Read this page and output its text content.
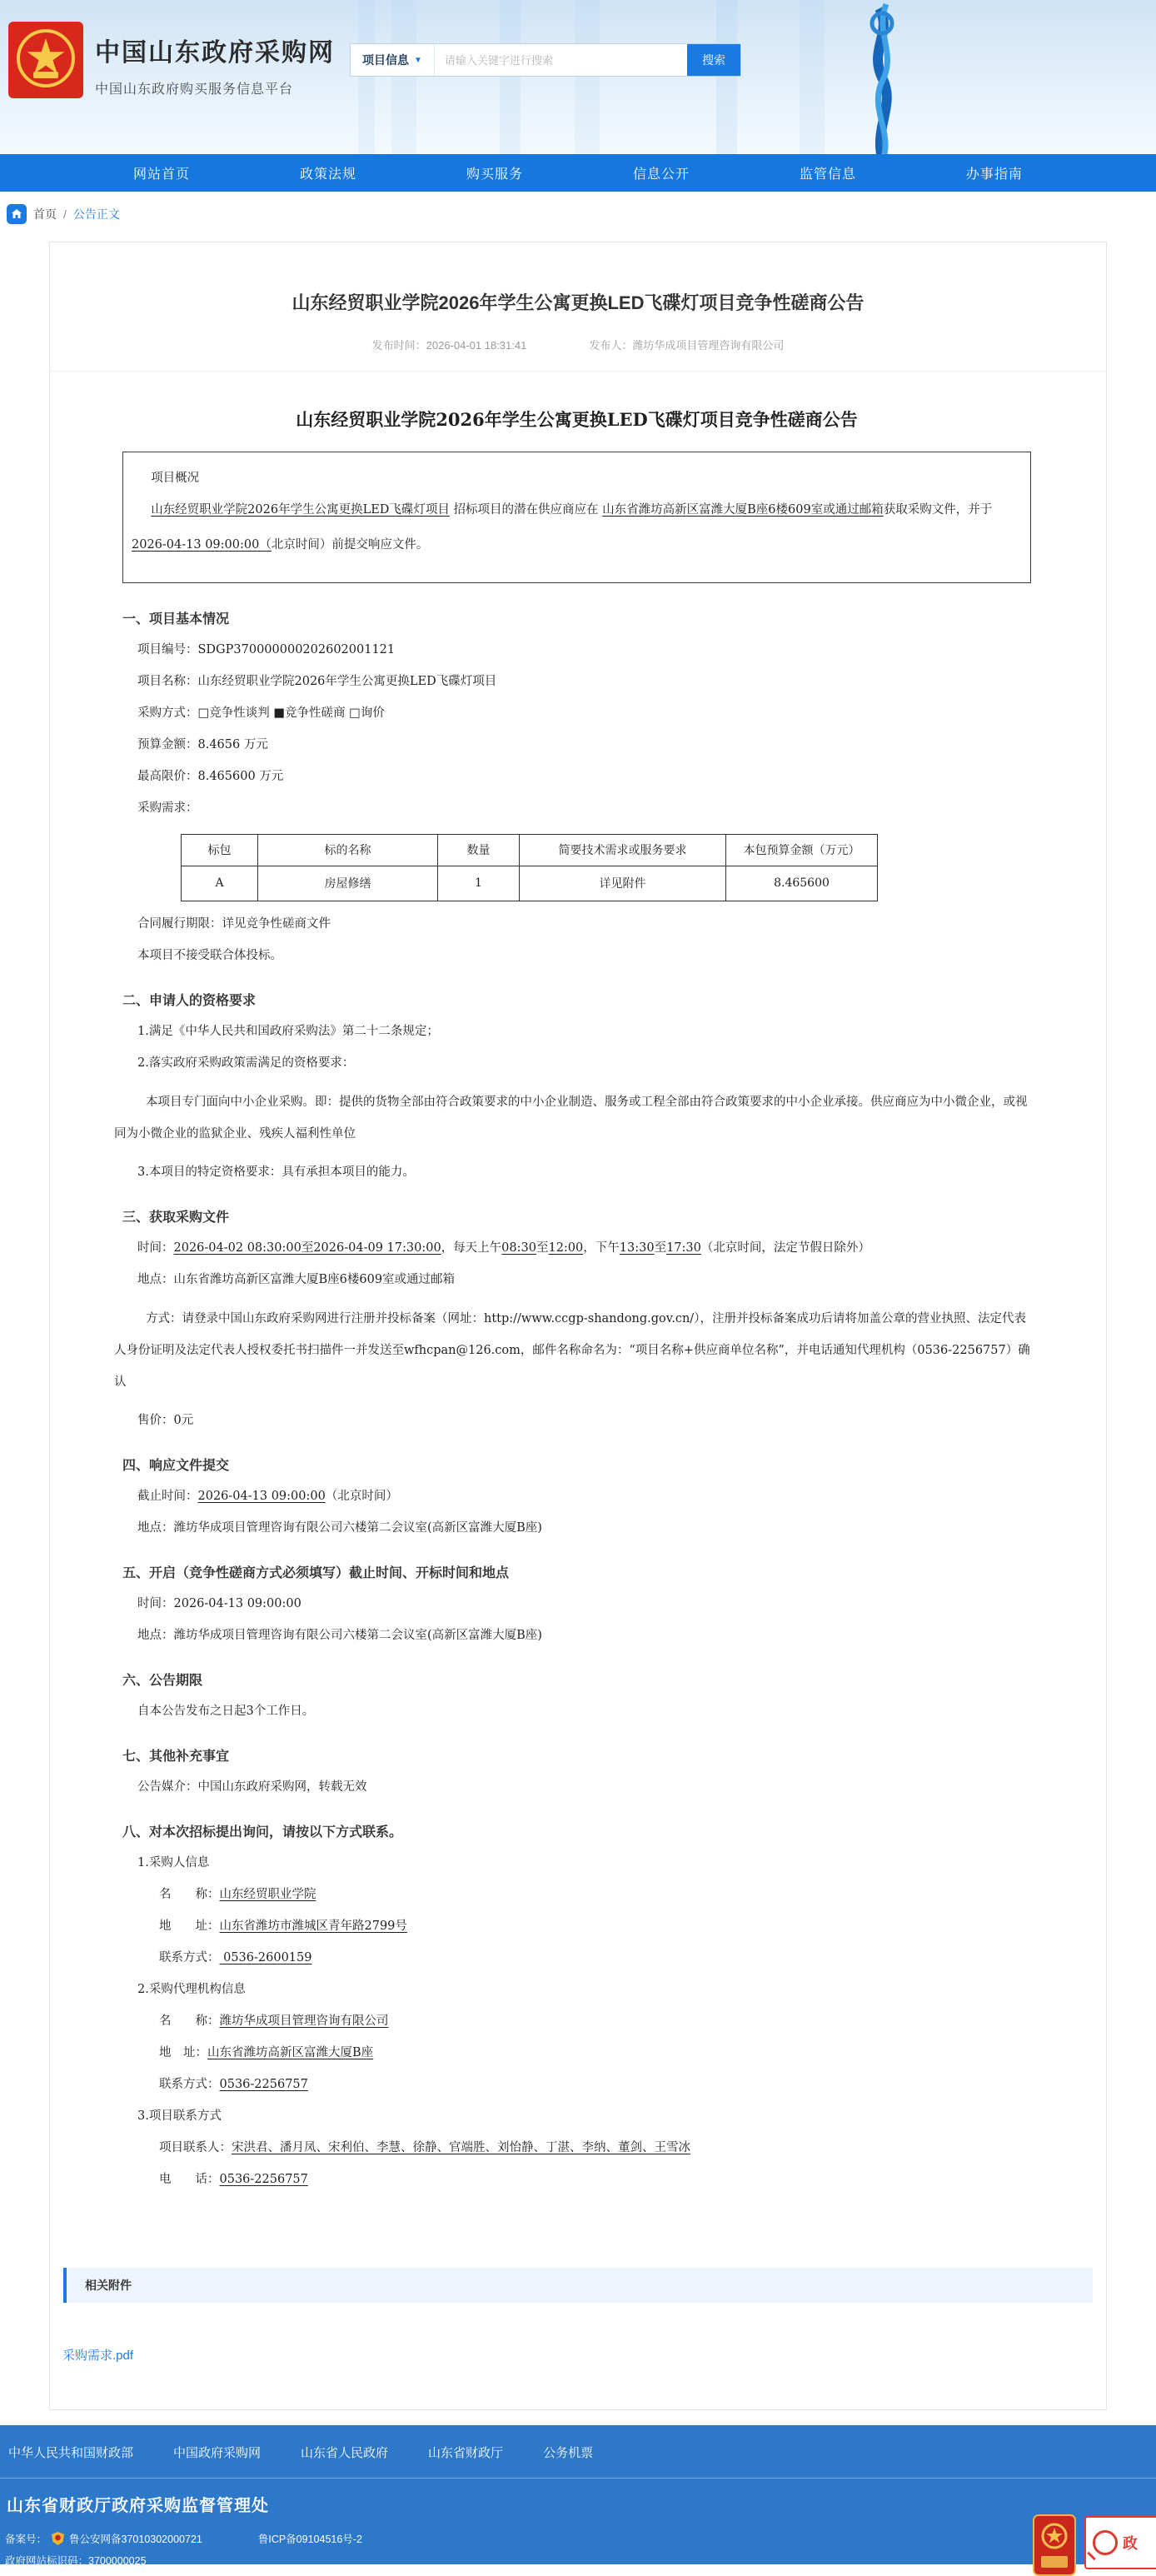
中国山东政府采购网
中国山东政府购买服务信息平台
项目信息 ▼
请输入关键字进行搜索	搜索
网站首页	政策法规	购买服务	信息公开	监管信息	办事指南
首页 / 公告正文
山东经贸职业学院2026年学生公寓更换LED飞碟灯项目竞争性磋商公告
发布时间：2026-04-01 18:31:41	发布人：潍坊华成项目管理咨询有限公司
山东经贸职业学院2026年学生公寓更换LED飞碟灯项目竞争性磋商公告

项目概况

山东经贸职业学院2026年学生公寓更换LED飞碟灯项目 招标项目的潜在供应商应在 山东省潍坊高新区富潍大厦B座6楼609室或通过邮箱获取采购文件，并于2026-04-13 09:00:00（北京时间）前提交响应文件。

一、项目基本情况

项目编号：SDGP370000000202602001121

项目名称：山东经贸职业学院2026年学生公寓更换LED飞碟灯项目

采购方式：□竞争性谈判 ■竞争性磋商 □询价

预算金额：8.4656 万元

最高限价：8.465600 万元

采购需求：

标包	标的名称	数量	简要技术需求或服务要求	本包预算金额（万元）
A	房屋修缮	1	详见附件	8.465600

合同履行期限：详见竞争性磋商文件

本项目不接受联合体投标。

二、申请人的资格要求

1.满足《中华人民共和国政府采购法》第二十二条规定；

2.落实政府采购政策需满足的资格要求：

本项目专门面向中小企业采购。即：提供的货物全部由符合政策要求的中小企业制造、服务或工程全部由符合政策要求的中小企业承接。供应商应为中小微企业，或视同为小微企业的监狱企业、残疾人福利性单位

3.本项目的特定资格要求：具有承担本项目的能力。

三、获取采购文件

时间：2026-04-02 08:30:00至2026-04-09 17:30:00，每天上午08:30至12:00，下午13:30至17:30（北京时间，法定节假日除外）

地点：山东省潍坊高新区富潍大厦B座6楼609室或通过邮箱

方式：请登录中国山东政府采购网进行注册并投标备案（网址：http://www.ccgp-shandong.gov.cn/），注册并投标备案成功后请将加盖公章的营业执照、法定代表人身份证明及法定代表人授权委托书扫描件一并发送至wfhcpan@126.com，邮件名称命名为：“项目名称+供应商单位名称”，并电话通知代理机构（0536-2256757）确认

售价：0元

四、响应文件提交

截止时间：2026-04-13 09:00:00（北京时间）

地点：潍坊华成项目管理咨询有限公司六楼第二会议室(高新区富潍大厦B座)

五、开启（竞争性磋商方式必须填写）截止时间、开标时间和地点

时间：2026-04-13 09:00:00

地点：潍坊华成项目管理咨询有限公司六楼第二会议室(高新区富潍大厦B座)

六、公告期限

自本公告发布之日起3个工作日。

七、其他补充事宜

公告媒介：中国山东政府采购网，转载无效

八、对本次招标提出询问，请按以下方式联系。

1.采购人信息

名　　称：山东经贸职业学院

地　　址：山东省潍坊市潍城区青年路2799号

联系方式： 0536-2600159

2.采购代理机构信息

名　　称：潍坊华成项目管理咨询有限公司

地　址：山东省潍坊高新区富潍大厦B座

联系方式：0536-2256757

3.项目联系方式

项目联系人：宋洪君、潘月凤、宋利伯、李慧、徐静、官端胜、刘怡静、丁湛、李纳、董剑、王雪冰

电　　话：0536-2256757

相关附件
采购需求.pdf
中华人民共和国财政部	中国政府采购网	山东省人民政府	山东省财政厅	公务机票
山东省财政厅政府采购监督管理处
备案号： 鲁公安网备37010302000721	鲁ICP备09104516号-2
政府网站标识码：3700000025
政
